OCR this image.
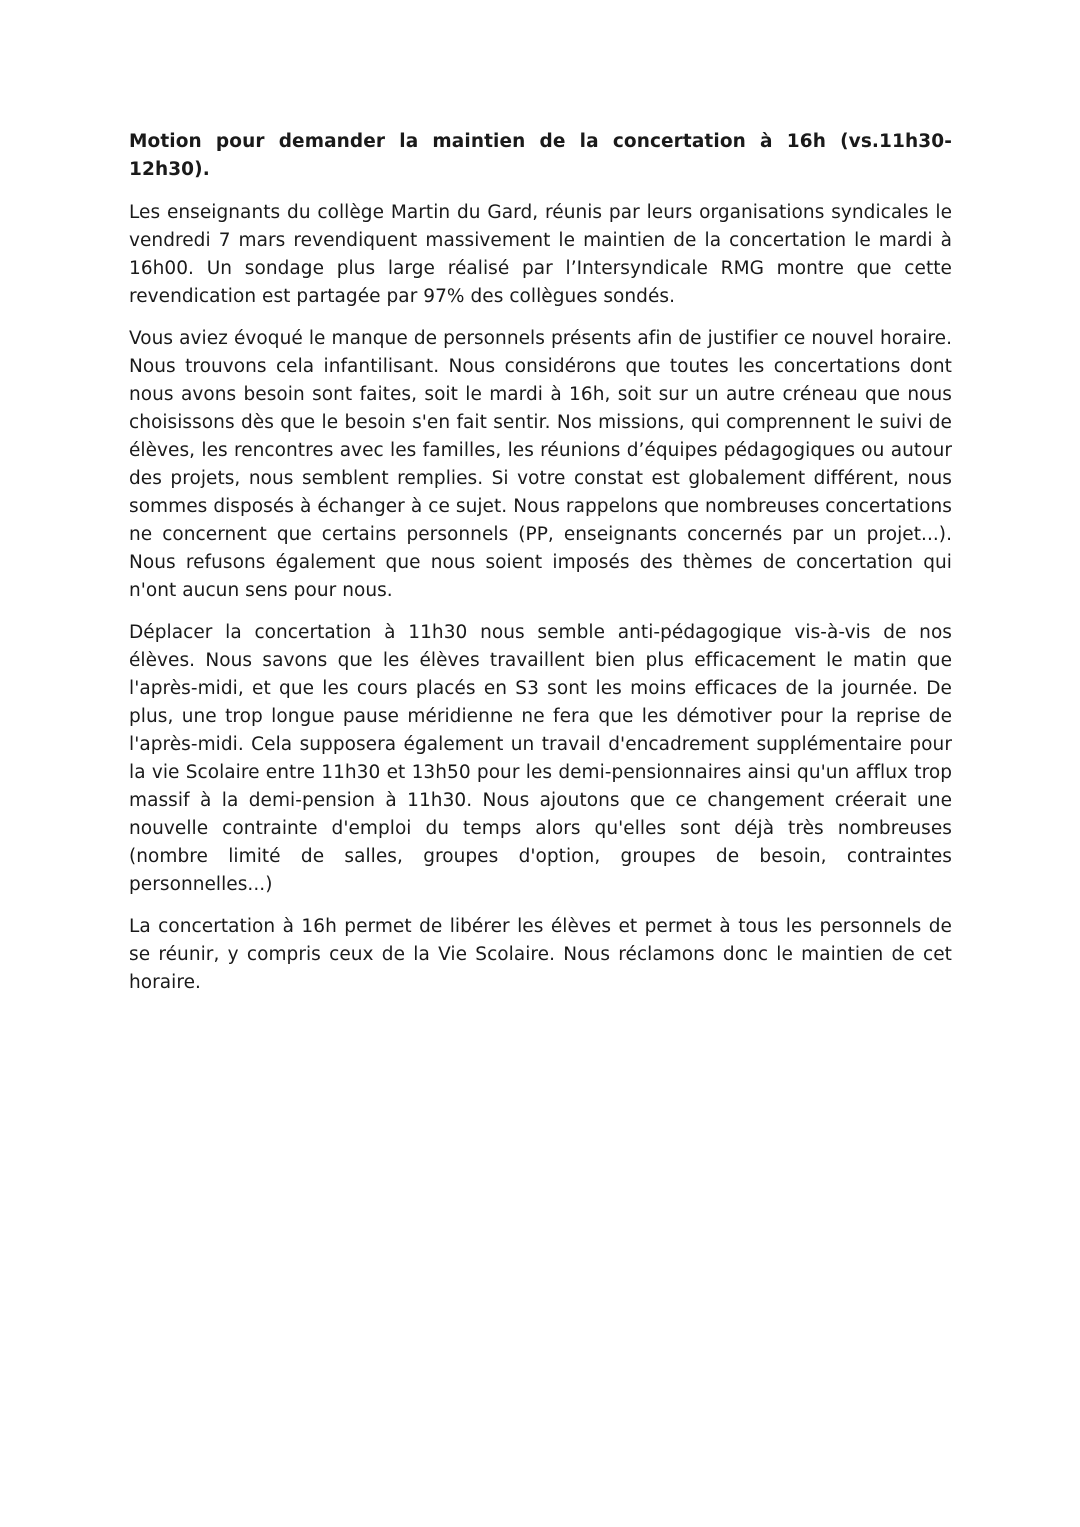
Motion pour demander la maintien de la concertation à 16h (vs.11h30-12h30).

Les enseignants du collège Martin du Gard, réunis par leurs organisations syndicales le vendredi 7 mars revendiquent massivement le maintien de la concertation le mardi à 16h00. Un sondage plus large réalisé par l’Intersyndicale RMG montre que cette revendication est partagée par 97% des collègues sondés.

Vous aviez évoqué le manque de personnels présents afin de justifier ce nouvel horaire. Nous trouvons cela infantilisant. Nous considérons que toutes les concertations dont nous avons besoin sont faites, soit le mardi à 16h, soit sur un autre créneau que nous choisissons dès que le besoin s'en fait sentir. Nos missions, qui comprennent le suivi de élèves, les rencontres avec les familles, les réunions d’équipes pédagogiques ou autour des projets, nous semblent remplies. Si votre constat est globalement différent, nous sommes disposés à échanger à ce sujet. Nous rappelons que nombreuses concertations ne concernent que certains personnels (PP, enseignants concernés par un projet...). Nous refusons également que nous soient imposés des thèmes de concertation qui n'ont aucun sens pour nous.

Déplacer la concertation à 11h30 nous semble anti-pédagogique vis-à-vis de nos élèves. Nous savons que les élèves travaillent bien plus efficacement le matin que l'après-midi, et que les cours placés en S3 sont les moins efficaces de la journée. De plus, une trop longue pause méridienne ne fera que les démotiver pour la reprise de l'après-midi. Cela supposera également un travail d'encadrement supplémentaire pour la vie Scolaire entre 11h30 et 13h50 pour les demi-pensionnaires ainsi qu'un afflux trop massif à la demi-pension à 11h30. Nous ajoutons que ce changement créerait une nouvelle contrainte d'emploi du temps alors qu'elles sont déjà très nombreuses (nombre limité de salles, groupes d'option, groupes de besoin, contraintes personnelles...)

La concertation à 16h permet de libérer les élèves et permet à tous les personnels de se réunir, y compris ceux de la Vie Scolaire. Nous réclamons donc le maintien de cet horaire.
